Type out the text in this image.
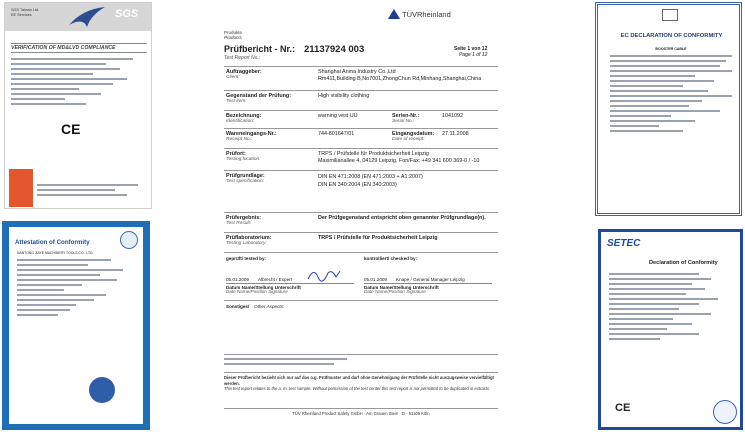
SGS Taiwan Ltd.
EE Services	SGS
VERIFICATION OF MD&LVD COMPLIANCE
CE
Attestation of Conformity
NANTONG JIAYE MACHINERY TOOLS CO., LTD.
TÜVRheinland
Produkte
Products
Prüfbericht - Nr.:
Test Report No.:
21137924 003	Seite 1 von 12
Page 1 of 12
Auftraggeber:
Client:
Shanghai Anma Industry Co.,Ltd
Rm411,Building B,No7001,ZhongChun Rd,Minhang,Shanghai,China
Gegenstand der Prüfung:
Test item:
High visibility clothing
Bezeichnung:
Identification:
warning vest UU	Serien-Nr.:
Serial No.:
1041092
Wareneingangs-Nr.:
Receipt No.:
744-801647/01	Eingangsdatum:
Date of receipt:
27.11.2008
Prüfort:
Testing location:
TRPS / Prüfstelle für Produktsicherheit Leipzig
Maximilianallee 4, 04129 Leipzig, Fon/Fax: +49 341 600 369-0 / -10
Prüfgrundlage:
Test specification:
DIN EN 471:2008 (EN 471:2003 + A1:2007)
DIN EN 340:2004 (EN 340:2003)
Prüfergebnis:
Test Result:
Der Prüfgegenstand entspricht oben genannter Prüfgrundlage(n).
Prüflaboratorium:
Testing Laboratory:
TRPS / Prüfstelle für Produktsicherheit Leipzig
geprüft/ tested by:	kontrolliert/ checked by:
05.01.2009 Albrecht / Expert	05.01.2009 Knape / General Manager Leipzig
Datum Name/Stellung Unterschrift
Date Name/Position Signature
Datum Name/Stellung Unterschrift
Date Name/Position Signature
Sonstiges/ Other Aspects:
Dieser Prüfbericht bezieht sich nur auf das o.g. Prüfmuster und darf ohne Genehmigung der Prüfstelle nicht auszugsweise vervielfältigt werden.
This test report relates to the a. m. test sample. Without permission of the test center this test report is not permitted to be duplicated in extracts.
TÜV Rheinland Product Safety GmbH · Am Grauen Stein · D - 51105 Köln
EC DECLARATION OF CONFORMITY
BOOSTER CABLE
SETEC
Declaration of Conformity
CE
